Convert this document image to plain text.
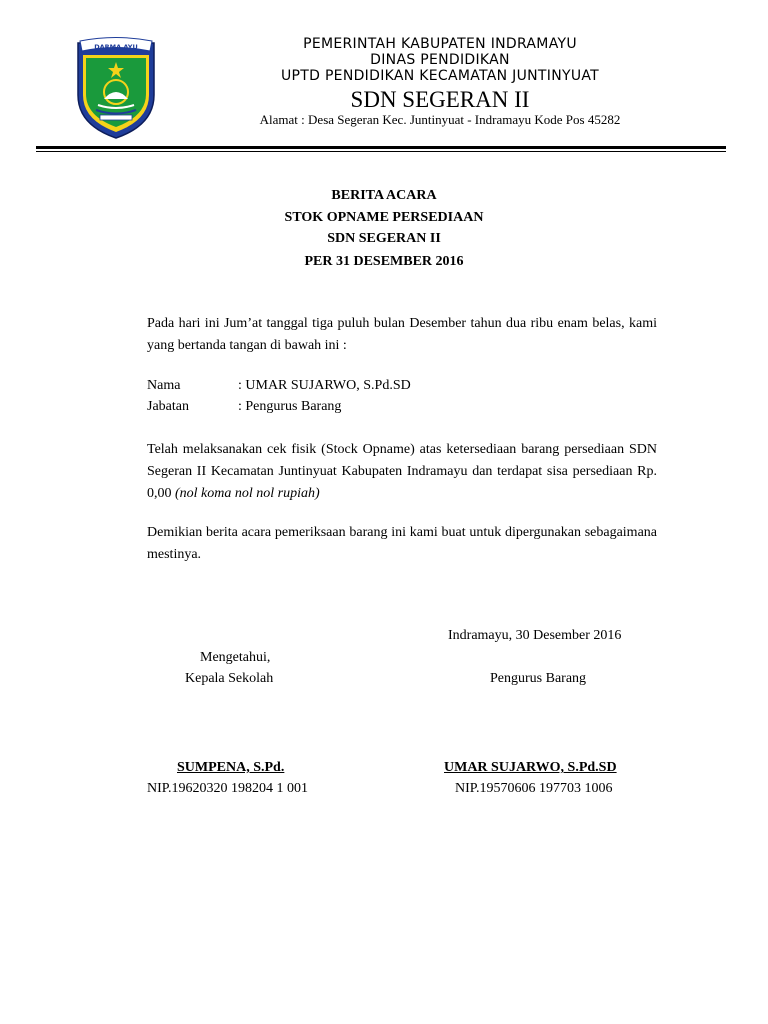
DARMA AYU	PEMERINTAH KABUPATEN INDRAMAYU
DINAS PENDIDIKAN
UPTD PENDIDIKAN KECAMATAN JUNTINYUAT
SDN SEGERAN II
Alamat : Desa Segeran Kec. Juntinyuat - Indramayu Kode Pos 45282
BERITA ACARA
STOK OPNAME PERSEDIAAN
SDN SEGERAN II
PER 31 DESEMBER 2016
Pada hari ini Jum’at tanggal tiga puluh bulan Desember tahun dua ribu enam belas, kami yang bertanda tangan di bawah ini :
Nama	: UMAR SUJARWO, S.Pd.SD
Jabatan	: Pengurus Barang
Telah melaksanakan cek fisik (Stock Opname) atas ketersediaan barang persediaan SDN Segeran II Kecamatan Juntinyuat Kabupaten Indramayu dan terdapat sisa persediaan Rp. 0,00 (nol koma nol nol rupiah)
Demikian berita acara pemeriksaan barang ini kami buat untuk dipergunakan sebagaimana mestinya.
Indramayu, 30 Desember 2016
Mengetahui,
Kepala Sekolah	Pengurus Barang
SUMPENA, S.Pd.	UMAR SUJARWO, S.Pd.SD
NIP.19620320 198204 1 001	NIP.19570606 197703 1006
